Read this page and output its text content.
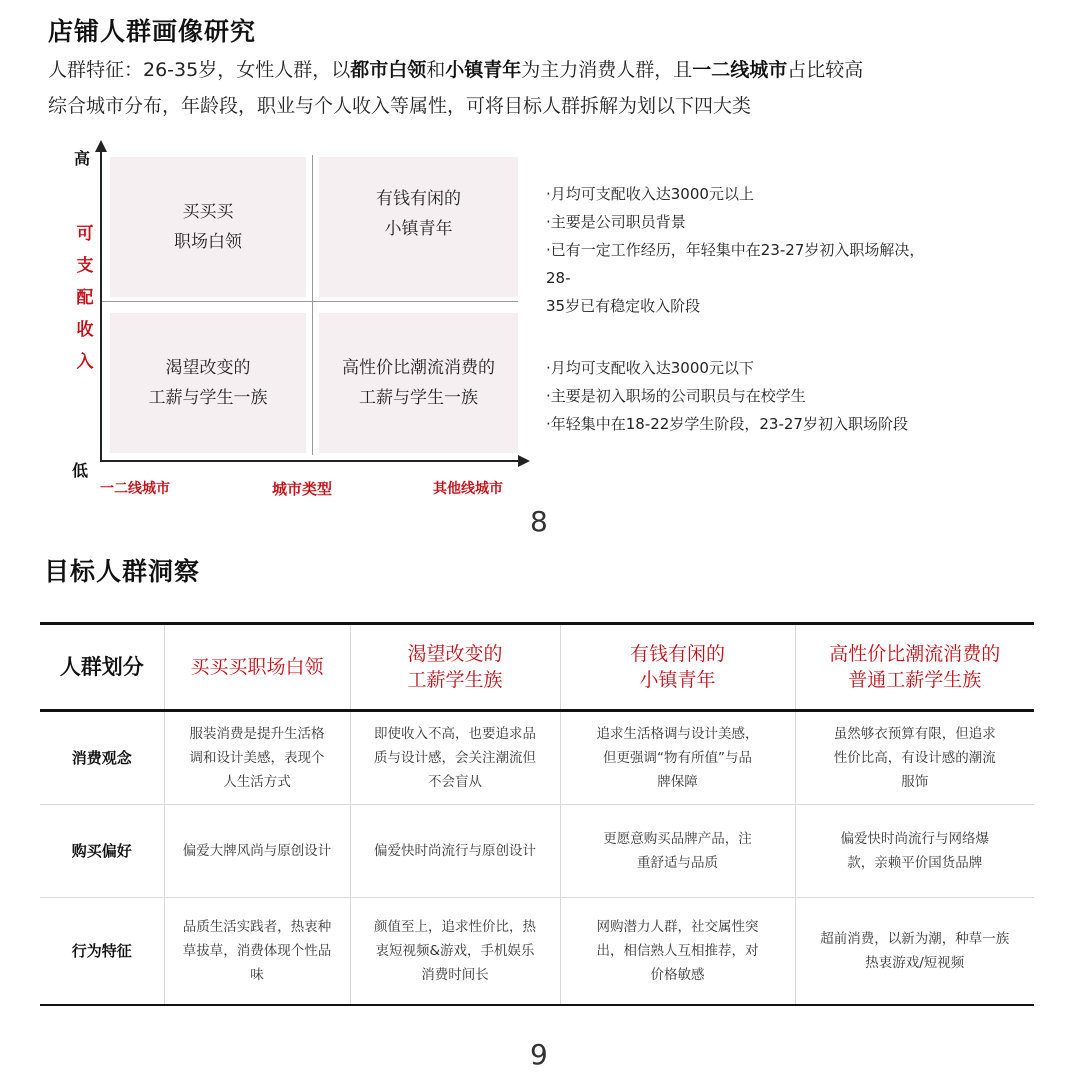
店铺人群画像研究
人群特征：26-35岁，女性人群，以都市白领和小镇青年为主力消费人群，且一二线城市占比较高
综合城市分布，年龄段，职业与个人收入等属性，可将目标人群拆解为划以下四大类
买买买
职场白领
有钱有闲的
小镇青年
渴望改变的
工薪与学生一族
高性价比潮流消费的
工薪与学生一族
高
低
可
支
配
收
入
一二线城市	城市类型	其他线城市
·月均可支配收入达3000元以上
·主要是公司职员背景
·已有一定工作经历，年轻集中在23-27岁初入职场解决，
28-
35岁已有稳定收入阶段
·月均可支配收入达3000元以下
·主要是初入职场的公司职员与在校学生
·年轻集中在18-22岁学生阶段，23-27岁初入职场阶段
8
目标人群洞察
人群划分	买买买职场白领	渴望改变的
工薪学生族	有钱有闲的
小镇青年	高性价比潮流消费的
普通工薪学生族
消费观念	服装消费是提升生活格
调和设计美感，表现个
人生活方式	即使收入不高，也要追求品
质与设计感，会关注潮流但
不会盲从	追求生活格调与设计美感，
但更强调“物有所值”与品
牌保障	虽然够衣预算有限，但追求
性价比高，有设计感的潮流
服饰
购买偏好	偏爱大牌风尚与原创设计	偏爱快时尚流行与原创设计	更愿意购买品牌产品，注
重舒适与品质	偏爱快时尚流行与网络爆
款，亲赖平价国货品牌
行为特征	品质生活实践者，热衷种
草拔草，消费体现个性品
味	颜值至上，追求性价比，热
衷短视频&游戏，手机娱乐
消费时间长	网购潜力人群，社交属性突
出，相信熟人互相推荐，对
价格敏感	超前消费，以新为潮，种草一族
热衷游戏/短视频
9
